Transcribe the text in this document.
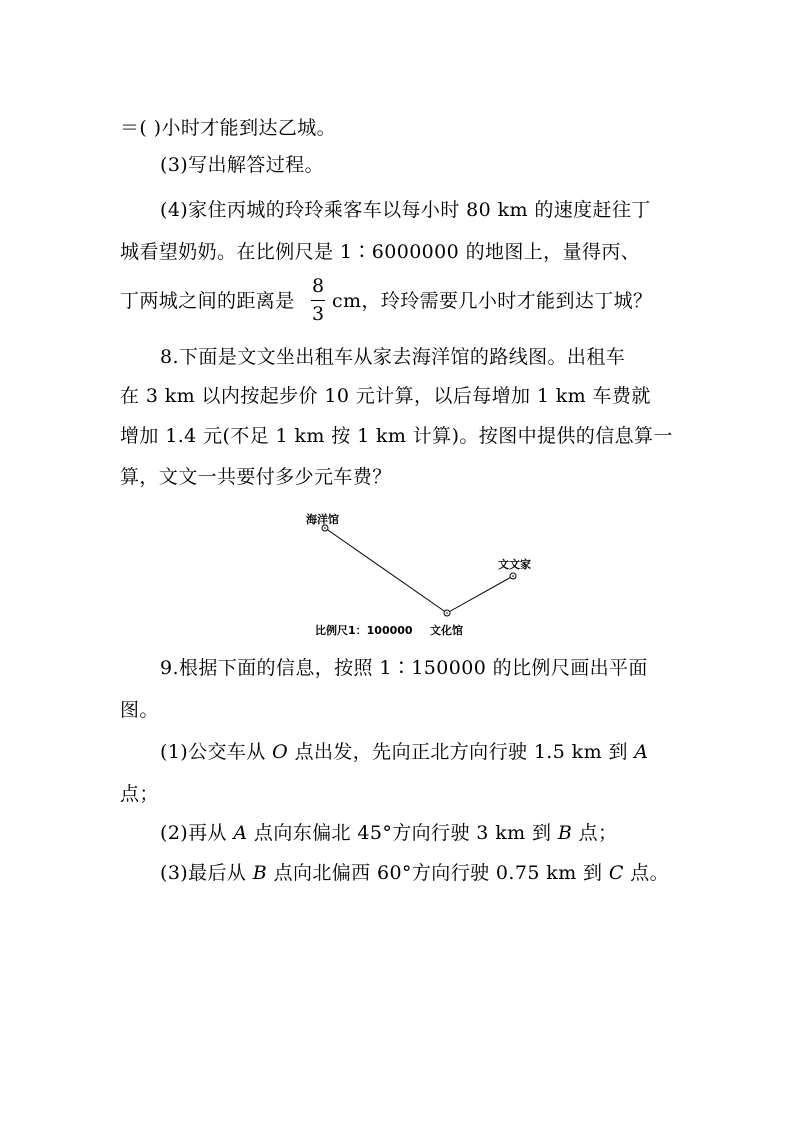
＝( )小时才能到达乙城。
(3)写出解答过程。
(4)家住丙城的玲玲乘客车以每小时 80 km 的速度赶往丁
城看望奶奶。在比例尺是 1∶6000000 的地图上，量得丙、
丁两城之间的距离是
8
3
cm，玲玲需要几小时才能到达丁城？
8.下面是文文坐出租车从家去海洋馆的路线图。出租车
在 3 km 以内按起步价 10 元计算，以后每增加 1 km 车费就
增加 1.4 元(不足 1 km 按 1 km 计算)。按图中提供的信息算一
算，文文一共要付多少元车费？
海洋馆
文文家
文化馆
比例尺1：100000
9.根据下面的信息，按照 1∶150000 的比例尺画出平面
图。
(1)公交车从 O 点出发，先向正北方向行驶 1.5 km 到 A
点；
(2)再从 A 点向东偏北 45°方向行驶 3 km 到 B 点；
(3)最后从 B 点向北偏西 60°方向行驶 0.75 km 到 C 点。
